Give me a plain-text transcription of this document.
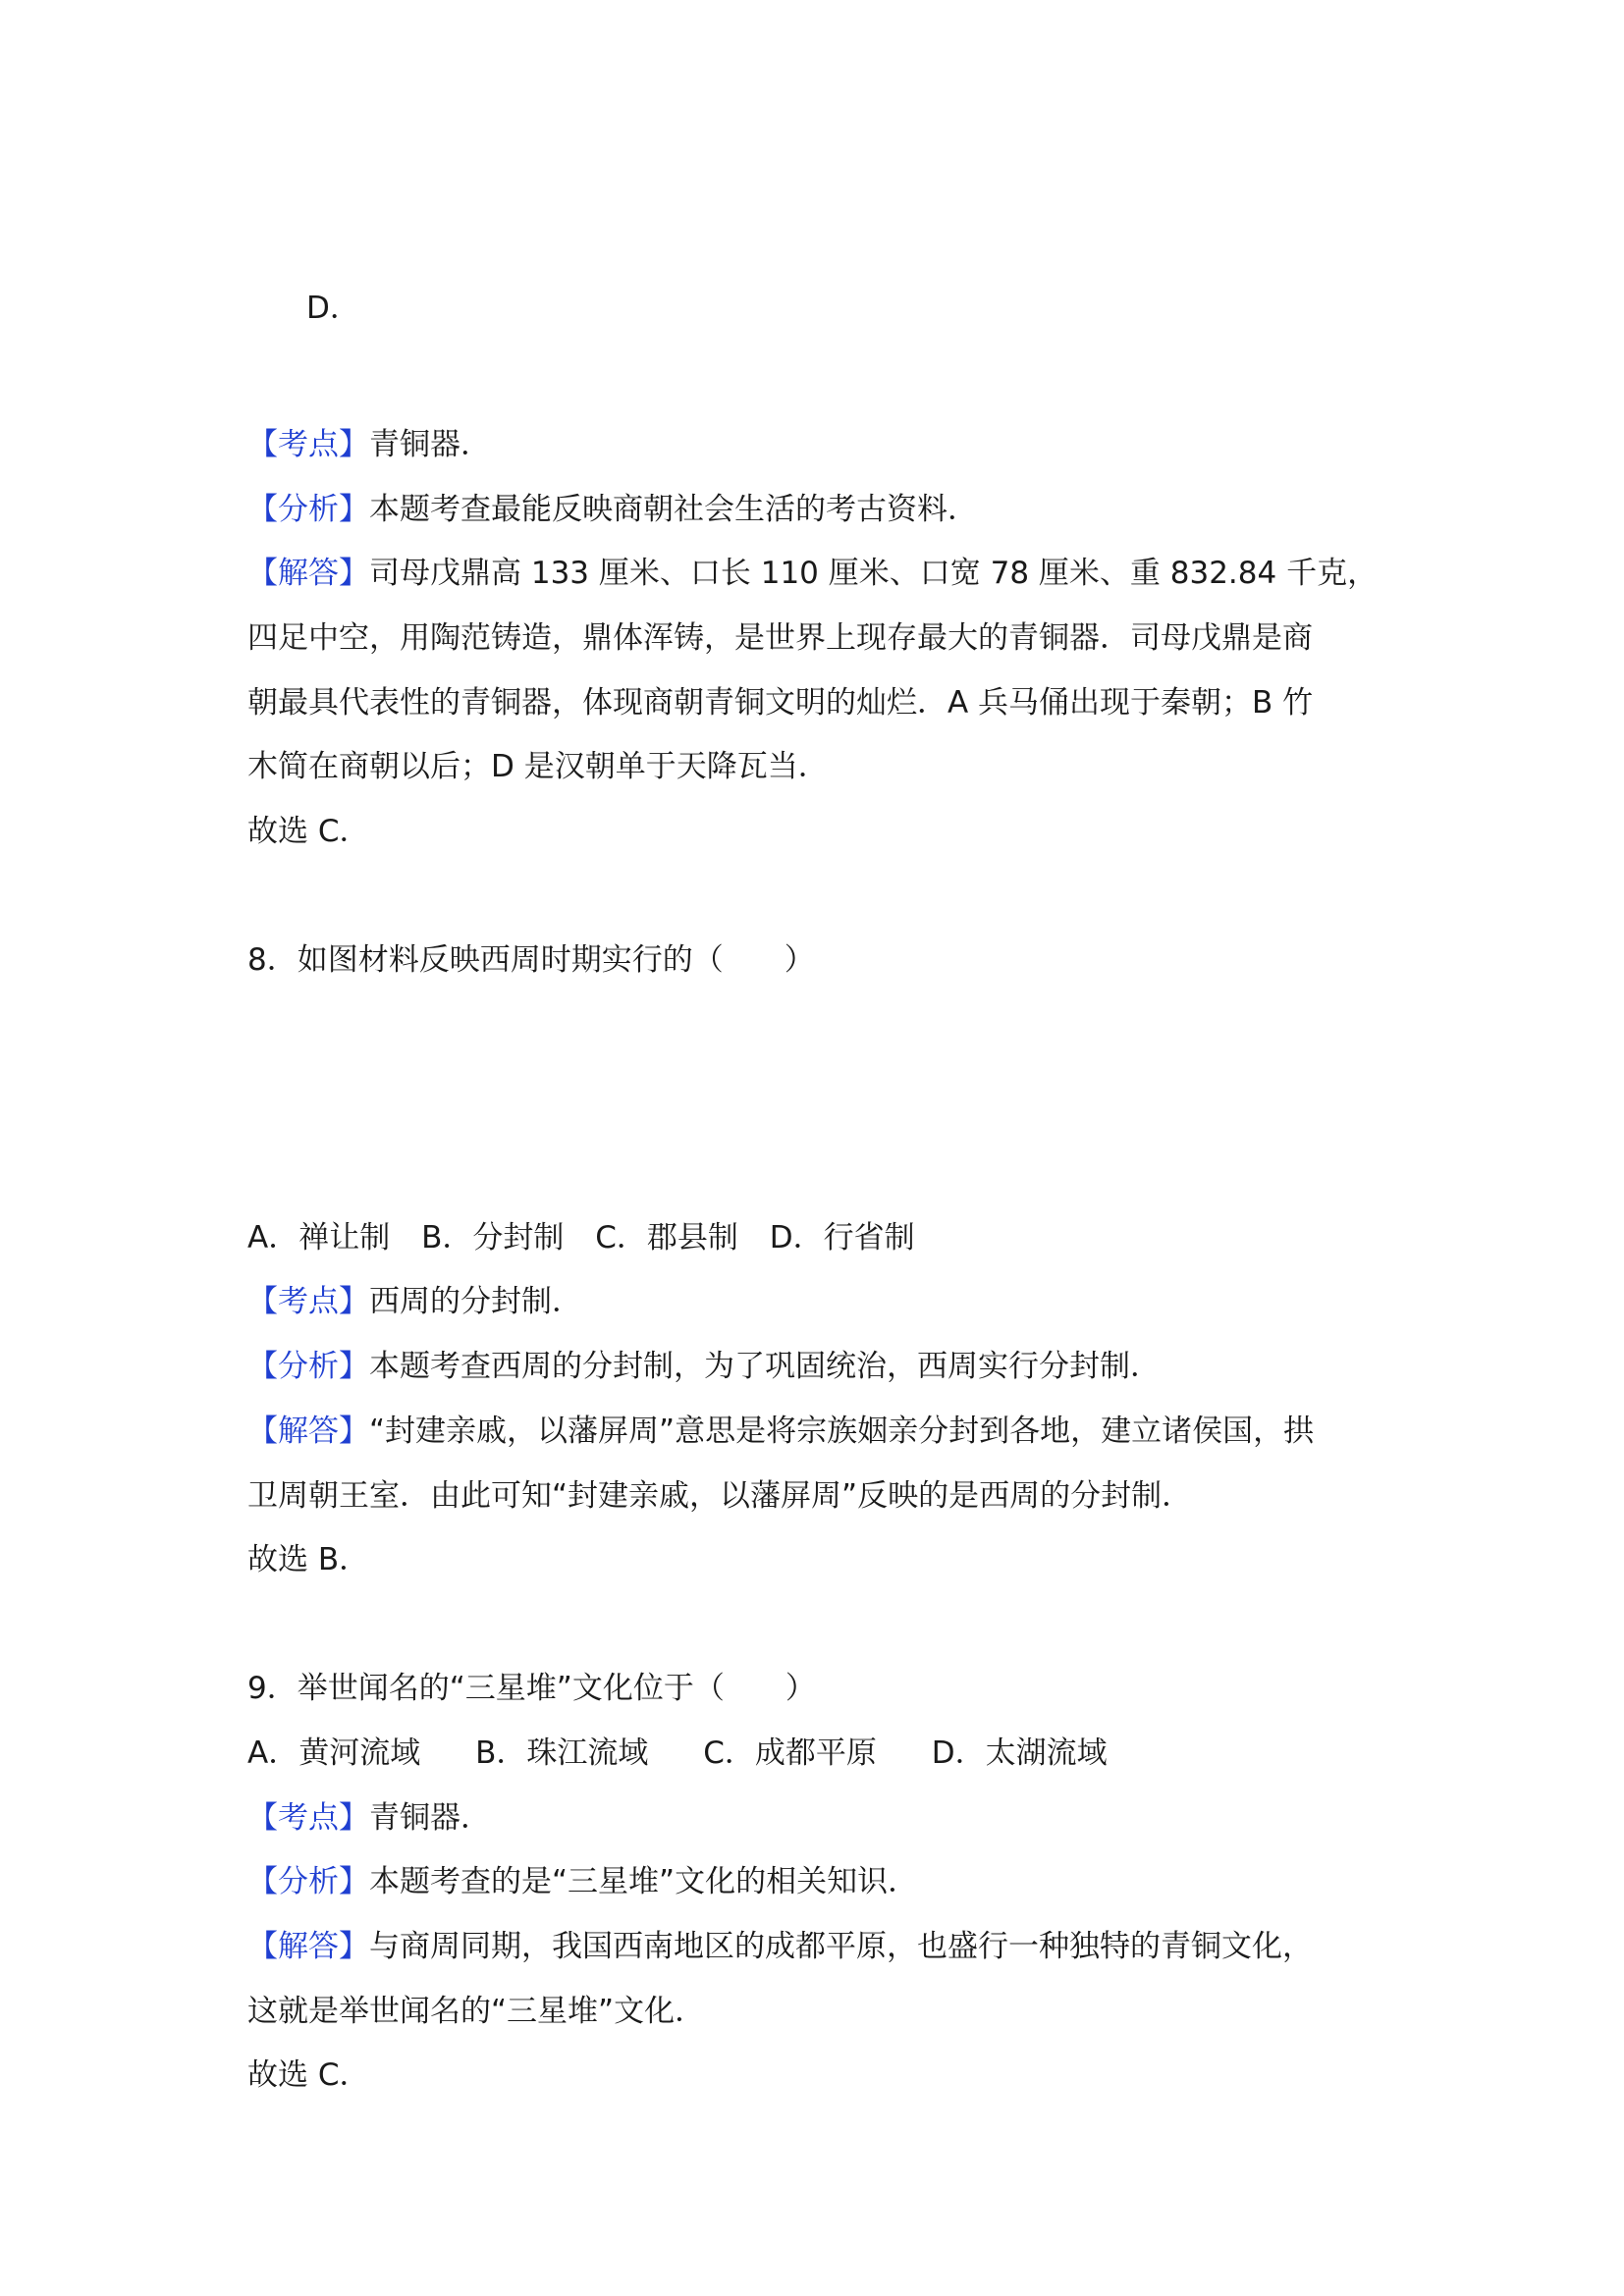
D．
【考点】青铜器．
【分析】本题考查最能反映商朝社会生活的考古资料．
【解答】司母戊鼎高 133 厘米、口长 110 厘米、口宽 78 厘米、重 832.84 千克，
四足中空，用陶范铸造，鼎体浑铸，是世界上现存最大的青铜器．司母戊鼎是商
朝最具代表性的青铜器，体现商朝青铜文明的灿烂．A 兵马俑出现于秦朝；B 竹
木简在商朝以后；D 是汉朝单于天降瓦当．
故选 C．
8．如图材料反映西周时期实行的（　　）
A．禅让制 B．分封制 C．郡县制 D．行省制
【考点】西周的分封制．
【分析】本题考查西周的分封制，为了巩固统治，西周实行分封制．
【解答】“封建亲戚，以藩屏周”意思是将宗族姻亲分封到各地，建立诸侯国，拱
卫周朝王室．由此可知“封建亲戚，以藩屏周”反映的是西周的分封制．
故选 B．
9．举世闻名的“三星堆”文化位于（　　）
A．黄河流域 B．珠江流域 C．成都平原 D．太湖流域
【考点】青铜器．
【分析】本题考查的是“三星堆”文化的相关知识．
【解答】与商周同期，我国西南地区的成都平原，也盛行一种独特的青铜文化，
这就是举世闻名的“三星堆”文化．
故选 C．
